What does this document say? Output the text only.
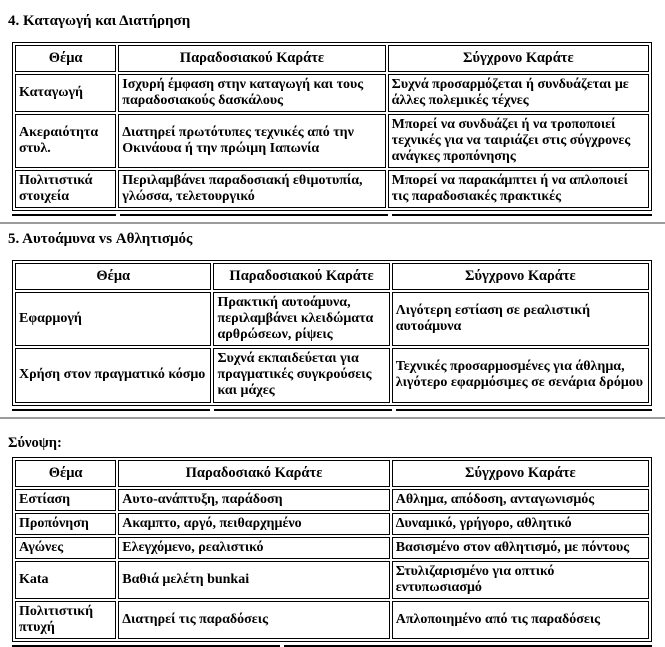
4. Καταγωγή και Διατήρηση
Θέμα	Παραδοσιακού Καράτε	Σύγχρονο Καράτε
Καταγωγή	Ισχυρή έμφαση στην καταγωγή και τους παραδοσιακούς δασκάλους	Συχνά προσαρμόζεται ή συνδυάζεται με άλλες πολεμικές τέχνες
Ακεραιότητα στυλ.	Διατηρεί πρωτότυπες τεχνικές από την Οκινάουα ή την πρώιμη Ιαπωνία	Μπορεί να συνδυάζει ή να τροποποιεί τεχνικές για να ταιριάζει στις σύγχρονες ανάγκες προπόνησης
Πολιτιστικά στοιχεία	Περιλαμβάνει παραδοσιακή εθιμοτυπία, γλώσσα, τελετουργικό	Μπορεί να παρακάμπτει ή να απλοποιεί τις παραδοσιακές πρακτικές
5. Αυτοάμυνα vs Αθλητισμός
Θέμα	Παραδοσιακού Καράτε	Σύγχρονο Καράτε
Εφαρμογή	Πρακτική αυτοάμυνα, περιλαμβάνει κλειδώματα αρθρώσεων, ρίψεις	Λιγότερη εστίαση σε ρεαλιστική αυτοάμυνα
Χρήση στον πραγματικό κόσμο	Συχνά εκπαιδεύεται για πραγματικές συγκρούσεις και μάχες	Τεχνικές προσαρμοσμένες για άθλημα, λιγότερο εφαρμόσιμες σε σενάρια δρόμου
Σύνοψη:
Θέμα	Παραδοσιακό Καράτε	Σύγχρονο Καράτε
Εστίαση	Αυτο-ανάπτυξη, παράδοση	Αθλημα, απόδοση, ανταγωνισμός
Προπόνηση	Ακαμπτο, αργό, πειθαρχημένο	Δυναμικό, γρήγορο, αθλητικό
Αγώνες	Ελεγχόμενο, ρεαλιστικό	Βασισμένο στον αθλητισμό, με πόντους
Kata	Βαθιά μελέτη bunkai	Στυλιζαρισμένο για οπτικό εντυπωσιασμό
Πολιτιστική πτυχή	Διατηρεί τις παραδόσεις	Απλοποιημένο από τις παραδόσεις
